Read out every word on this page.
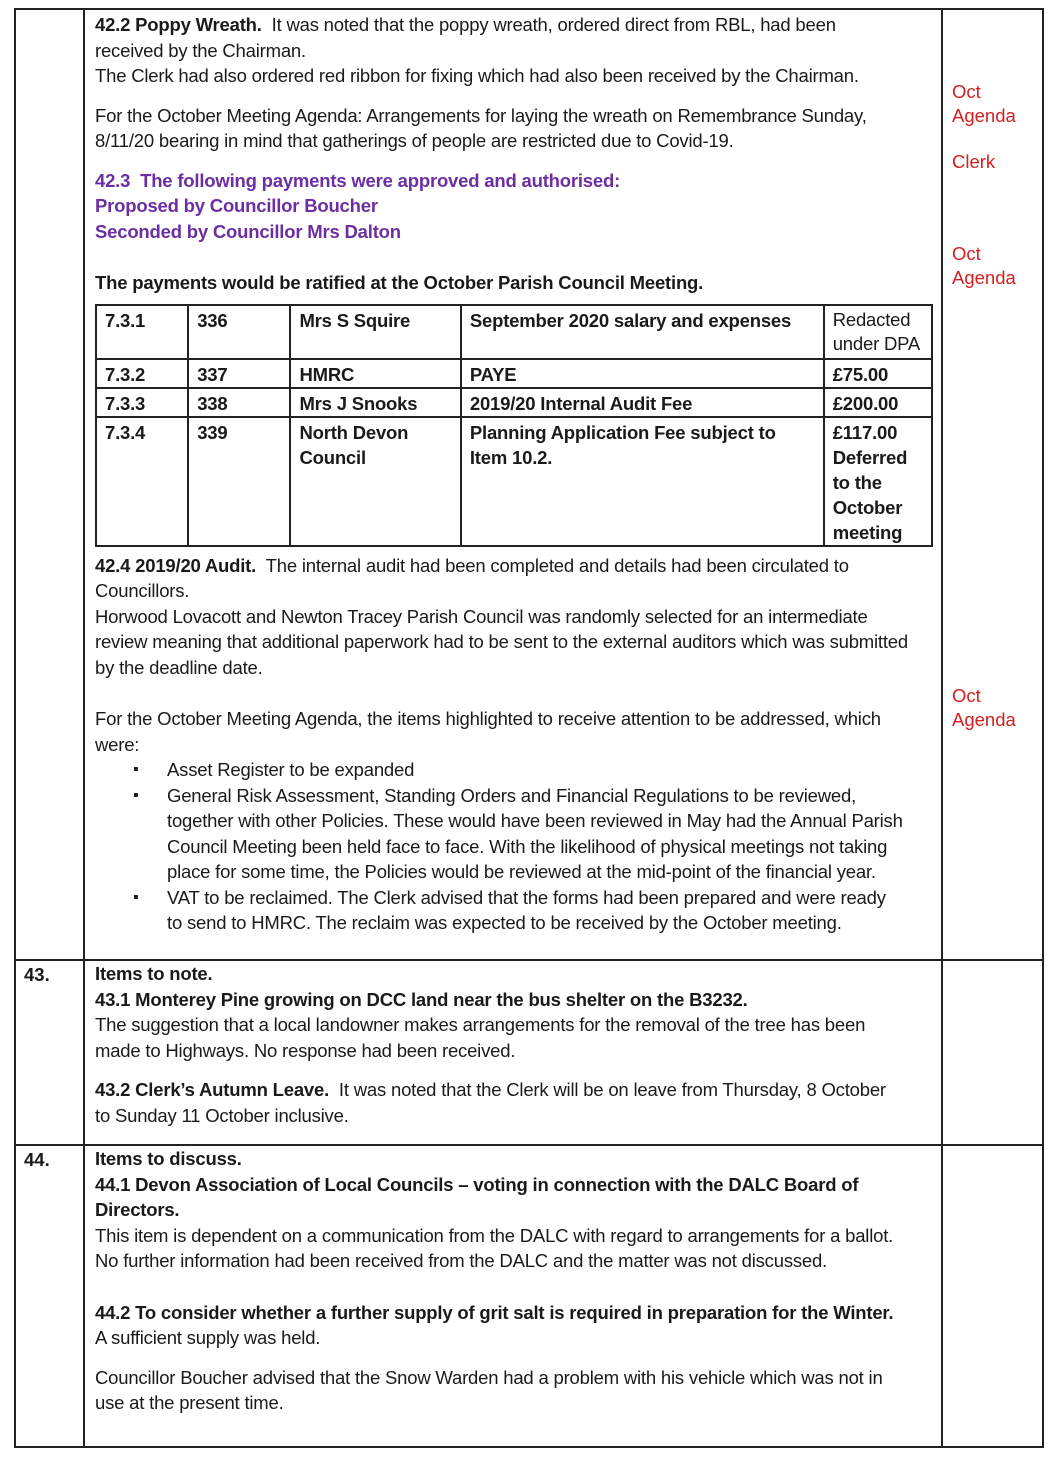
42.2 Poppy Wreath. It was noted that the poppy wreath, ordered direct from RBL, had been

received by the Chairman.

The Clerk had also ordered red ribbon for fixing which had also been received by the Chairman.

For the October Meeting Agenda: Arrangements for laying the wreath on Remembrance Sunday,

8/11/20 bearing in mind that gatherings of people are restricted due to Covid-19.

42.3 The following payments were approved and authorised:

Proposed by Councillor Boucher

Seconded by Councillor Mrs Dalton

The payments would be ratified at the October Parish Council Meeting.

7.3.1	336	Mrs S Squire	September 2020 salary and expenses	Redacted under DPA
7.3.2	337	HMRC	PAYE	£75.00
7.3.3	338	Mrs J Snooks	2019/20 Internal Audit Fee	£200.00
7.3.4	339	North Devon Council	Planning Application Fee subject to Item 10.2.	£117.00 Deferred to the October meeting

42.4 2019/20 Audit. The internal audit had been completed and details had been circulated to

Councillors.

Horwood Lovacott and Newton Tracey Parish Council was randomly selected for an intermediate

review meaning that additional paperwork had to be sent to the external auditors which was submitted

by the deadline date.

For the October Meeting Agenda, the items highlighted to receive attention to be addressed, which

were:

▪ Asset Register to be expanded
▪ General Risk Assessment, Standing Orders and Financial Regulations to be reviewed,
together with other Policies. These would have been reviewed in May had the Annual Parish
Council Meeting been held face to face. With the likelihood of physical meetings not taking
place for some time, the Policies would be reviewed at the mid-point of the financial year.
▪ VAT to be reclaimed. The Clerk advised that the forms had been prepared and were ready
to send to HMRC. The reclaim was expected to be received by the October meeting.
43. Items to note.

43.1 Monterey Pine growing on DCC land near the bus shelter on the B3232.

The suggestion that a local landowner makes arrangements for the removal of the tree has been

made to Highways. No response had been received.

43.2 Clerk’s Autumn Leave. It was noted that the Clerk will be on leave from Thursday, 8 October

to Sunday 11 October inclusive.

44. Items to discuss.

44.1 Devon Association of Local Councils – voting in connection with the DALC Board of

Directors.

This item is dependent on a communication from the DALC with regard to arrangements for a ballot.

No further information had been received from the DALC and the matter was not discussed.

44.2 To consider whether a further supply of grit salt is required in preparation for the Winter.

A sufficient supply was held.

Councillor Boucher advised that the Snow Warden had a problem with his vehicle which was not in

use at the present time.

Oct
Agenda
Clerk
Oct
Agenda
Oct
Agenda
